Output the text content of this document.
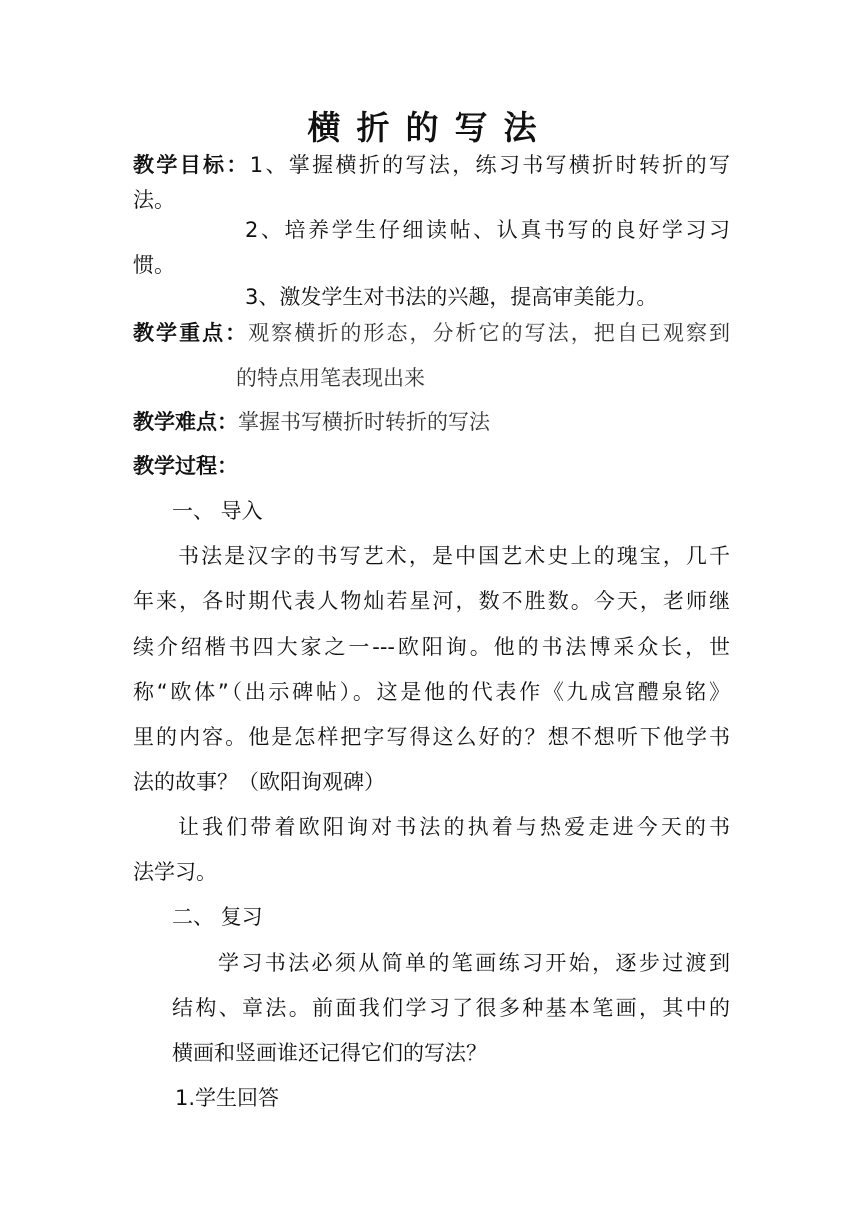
横折的写法
教学目标：1、掌握横折的写法，练习书写横折时转折的写
法。
2、培养学生仔细读帖、认真书写的良好学习习
惯。
3、激发学生对书法的兴趣，提高审美能力。
教学重点：观察横折的形态，分析它的写法，把自已观察到
的特点用笔表现出来
教学难点：掌握书写横折时转折的写法
教学过程：
一、 导入
书法是汉字的书写艺术，是中国艺术史上的瑰宝，几千
年来，各时期代表人物灿若星河，数不胜数。今天，老师继
续介绍楷书四大家之一---欧阳询。他的书法博采众长，世
称“欧体”（出示碑帖）。这是他的代表作《九成宫醴泉铭》
里的内容。他是怎样把字写得这么好的？想不想听下他学书
法的故事？（欧阳询观碑）
让我们带着欧阳询对书法的执着与热爱走进今天的书
法学习。
二、 复习
学习书法必须从简单的笔画练习开始，逐步过渡到
结构、章法。前面我们学习了很多种基本笔画，其中的
横画和竖画谁还记得它们的写法？
1.学生回答
